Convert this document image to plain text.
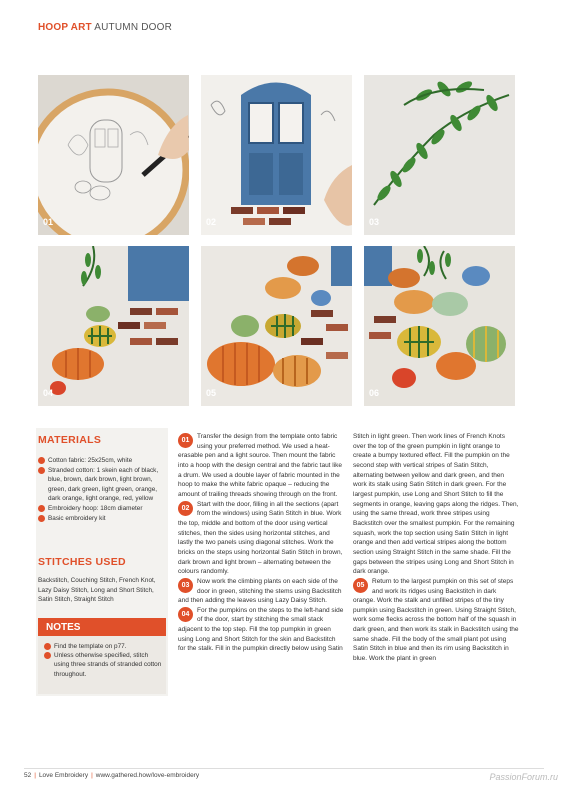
HOOP ART AUTUMN DOOR
01	02	03
04	05	06
MATERIALS
Cotton fabric: 25x25cm, white
Stranded cotton: 1 skein each of black, blue, brown, dark brown, light brown, green, dark green, light green, orange, dark orange, light orange, red, yellow
Embroidery hoop: 18cm diameter
Basic embroidery kit
STITCHES USED

Backstitch, Couching Stitch, French Knot, Lazy Daisy Stitch, Long and Short Stitch, Satin Stitch, Straight Stitch

NOTES
Find the template on p77.
Unless otherwise specified, stitch using three strands of stranded cotton throughout.
01
Transfer the design from the template onto fabric using your preferred method. We used a heat-erasable pen and a light source. Then mount the fabric into a hoop with the design central and the fabric taut like a drum. We used a double layer of fabric mounted in the hoop to make the white fabric opaque – reducing the amount of trailing threads showing through on the front.
02
Start with the door, filling in all the sections (apart from the windows) using Satin Stitch in blue. Work the top, middle and bottom of the door using vertical stitches, then the sides using horizontal stitches, and lastly the two panels using diagonal stitches. Work the bricks on the steps using horizontal Satin Stitch in brown, dark brown and light brown – alternating between the colours randomly.
03
Now work the climbing plants on each side of the door in green, stitching the stems using Backstitch and then adding the leaves using Lazy Daisy Stitch.
04
For the pumpkins on the steps to the left-hand side of the door, start by stitching the small stack adjacent to the top step. Fill the top pumpkin in green using Long and Short Stitch for the skin and Backstitch for the stalk. Fill in the pumpkin directly below using Satin
Stitch in light green. Then work lines of French Knots over the top of the green pumpkin in light orange to create a bumpy textured effect. Fill the pumpkin on the second step with vertical stripes of Satin Stitch, alternating between yellow and dark green, and then work its stalk using Satin Stitch in dark green. For the largest pumpkin, use Long and Short Stitch to fill the segments in orange, leaving gaps along the ridges. Then, using the same thread, work three stripes using Backstitch over the smallest pumpkin. For the remaining squash, work the top section using Satin Stitch in light orange and then add vertical stripes along the bottom section using Straight Stitch in the same shade. Fill the gaps between the stripes using Long and Short Stitch in dark orange.
05
Return to the largest pumpkin on this set of steps and work its ridges using Backstitch in dark orange. Work the stalk and unfilled stripes of the tiny pumpkin using Backstitch in green. Using Straight Stitch, work some flecks across the bottom half of the squash in dark green, and then work its stalk in Backstitch using the same shade. Fill the body of the small plant pot using Satin Stitch in blue and then its rim using Backstitch in blue. Work the plant in green
52 | Love Embroidery | www.gathered.how/love-embroidery	PassionForum.ru
